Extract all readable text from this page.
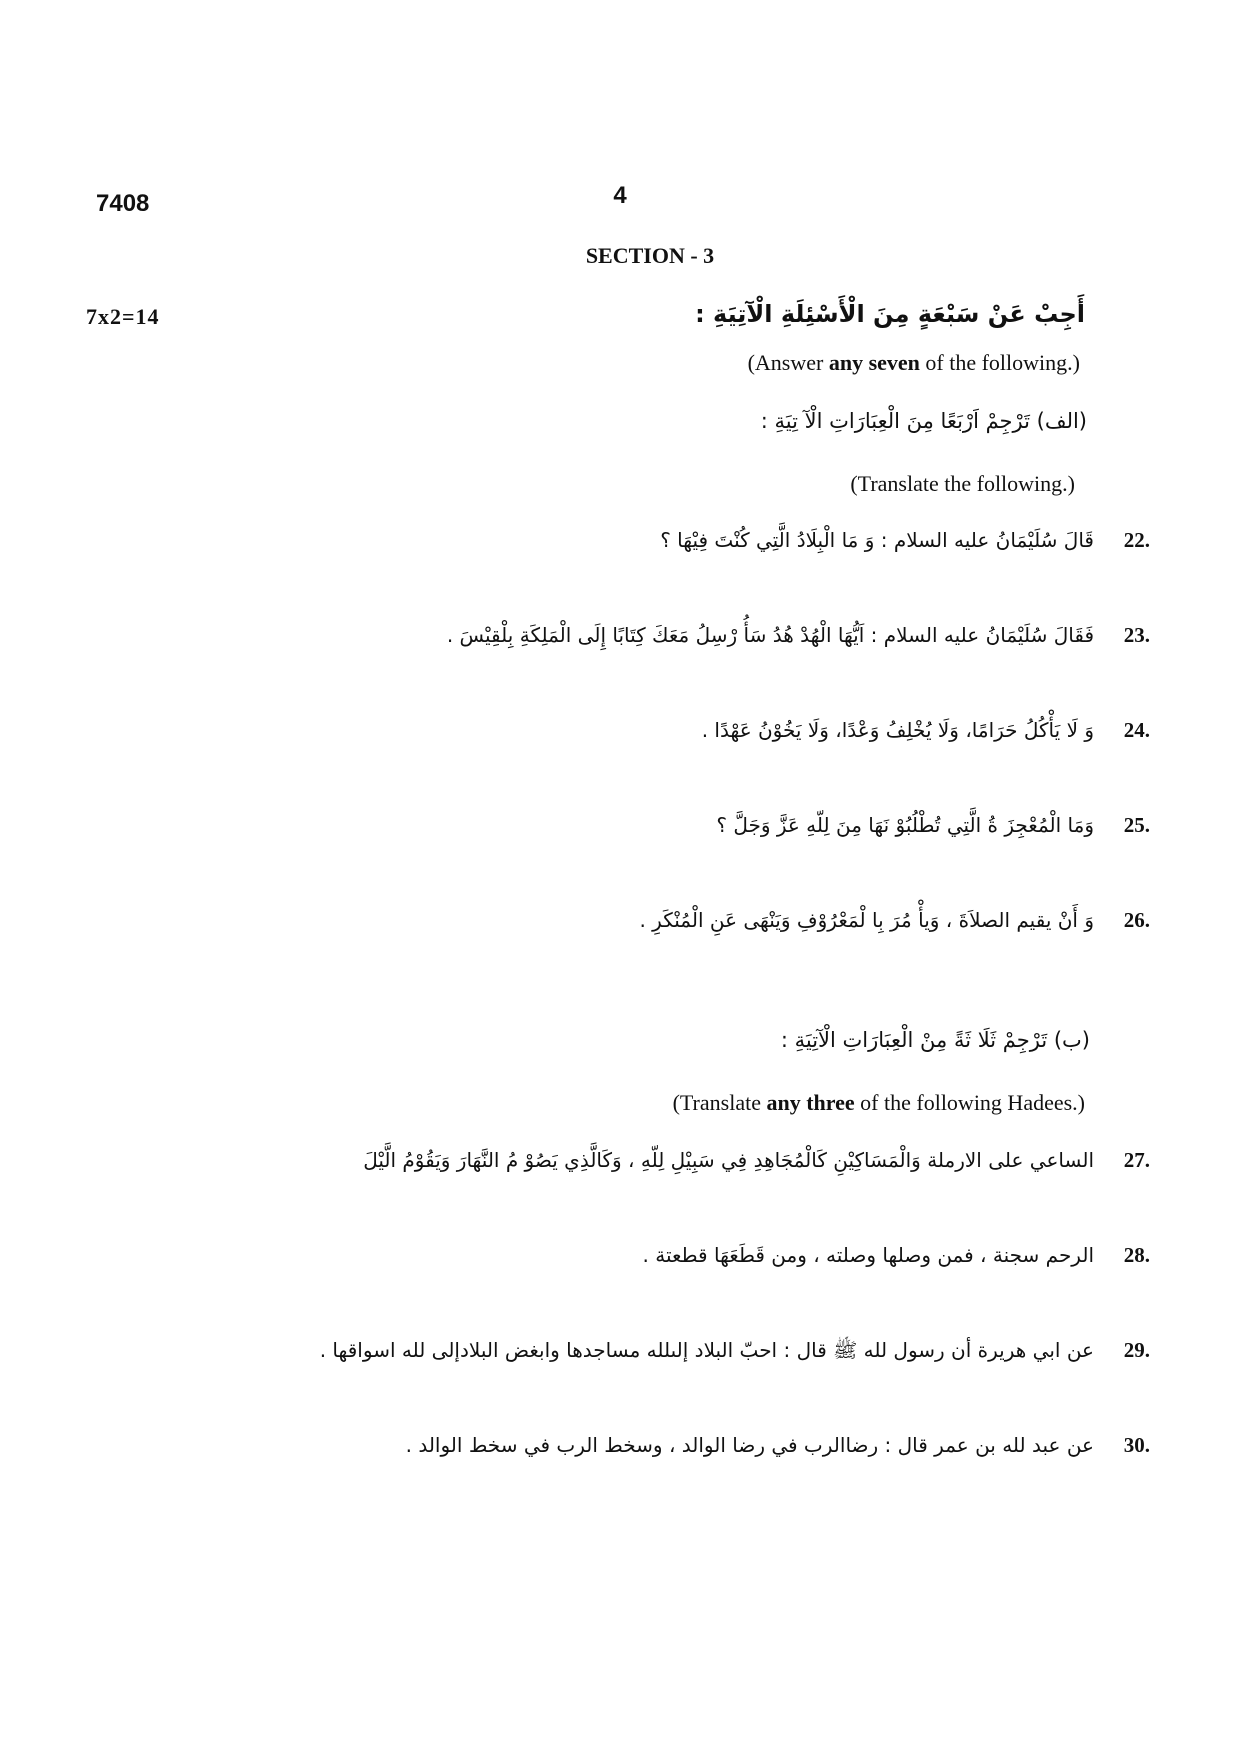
7408	4
SECTION - 3
7x2=14	أَجِبْ عَنْ سَبْعَةٍ مِنَ الْأَسْئِلَةِ الْآتِيَةِ :
(Answer any seven of the following.)
(الف) تَرْجِمْ اَرْبَعًا مِنَ الْعِبَارَاتِ الْآ تِيَةِ :
(Translate the following.)
قَالَ سُلَيْمَانُ عليه السلام : وَ مَا الْبِلَادُ الَّتِي كُنْتَ فِيْهَا ؟	22.
فَقَالَ سُلَيْمَانُ عليه السلام : اَيُّهَا الْهُدْ هُدُ سَأُ رْسِلُ مَعَكَ كِتَابًا إِلَى الْمَلِكَةِ بِلْقِيْسَ .	23.
وَ لَا يَأْكُلُ حَرَامًا، وَلَا يُخْلِفُ وَعْدًا، وَلَا يَخُوْنُ عَهْدًا .	24.
وَمَا الْمُعْجِزَ ةُ الَّتِي تُطْلُبُوْ نَهَا مِنَ لِلّهِ عَزَّ وَجَلَّ ؟	25.
وَ أَنْ يقيم الصلاَةَ ، وَيأْ مُرَ بِا لْمَعْرُوْفِ وَيَنْهَى عَنِ الْمُنْكَرِ .	26.
(ب) تَرْجِمْ ثَلَا ثَةً مِنْ الْعِبَارَاتِ الْآتِيَةِ :
(Translate any three of the following Hadees.)
الساعي على الارملة وَالْمَسَاكِيْنِ كَالْمُجَاهِدِ فِي سَبِيْلِ لِلّهِ ، وَكَالَّذِي يَصُوْ مُ النَّهَارَ وَيَقُوْمُ الَّيْلَ	27.
الرحم سجنة ، فمن وصلها وصلته ، ومن قَطَعَهَا قطعتة .	28.
عن ابي هريرة أن رسول لله ﷺ قال : احبّ البلاد إلىلله مساجدها وابغض البلادإلى لله اسواقها .	29.
عن عبد لله بن عمر قال : رضاالرب في رضا الوالد ، وسخط الرب في سخط الوالد .	30.
